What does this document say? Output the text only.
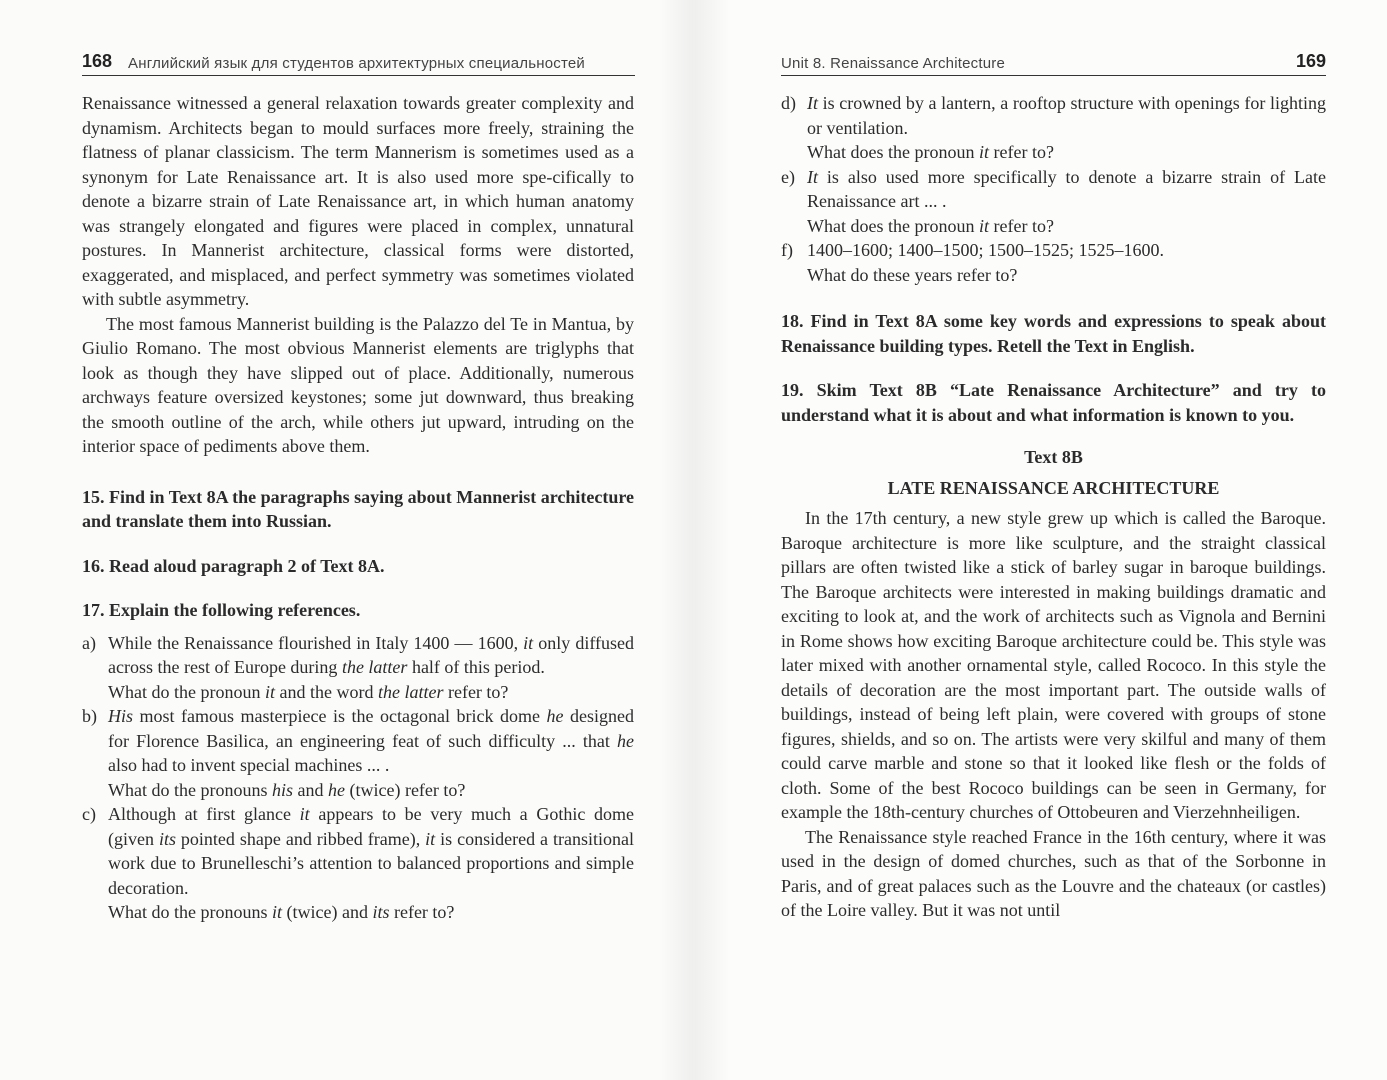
168 Английский язык для студентов архитектурных специальностей

Renaissance witnessed a general relaxation towards greater complexity and dynamism. Architects began to mould surfaces more freely, straining the flatness of planar classicism. The term Mannerism is sometimes used as a synonym for Late Renaissance art. It is also used more spe-cifically to denote a bizarre strain of Late Renaissance art, in which human anatomy was strangely elongated and figures were placed in complex, unnatural postures. In Mannerist architecture, classical forms were distorted, exaggerated, and misplaced, and perfect symmetry was sometimes violated with subtle asymmetry.

The most famous Mannerist building is the Palazzo del Te in Mantua, by Giulio Romano. The most obvious Mannerist elements are triglyphs that look as though they have slipped out of place. Additionally, numerous archways feature oversized keystones; some jut downward, thus breaking the smooth outline of the arch, while others jut upward, intruding on the interior space of pediments above them.

15. Find in Text 8A the paragraphs saying about Mannerist architecture and translate them into Russian.

16. Read aloud paragraph 2 of Text 8A.

17. Explain the following references.

a) While the Renaissance flourished in Italy 1400 — 1600, it only diffused across the rest of Europe during the latter half of this period.
What do the pronoun it and the word the latter refer to?
b) His most famous masterpiece is the octagonal brick dome he designed for Florence Basilica, an engineering feat of such difficulty ... that he also had to invent special machines ... .
What do the pronouns his and he (twice) refer to?
c) Although at first glance it appears to be very much a Gothic dome (given its pointed shape and ribbed frame), it is considered a transitional work due to Brunelleschi’s attention to balanced proportions and simple decoration.
What do the pronouns it (twice) and its refer to?
Unit 8. Renaissance Architecture	169
d) It is crowned by a lantern, a rooftop structure with openings for lighting or ventilation.
What does the pronoun it refer to?
e) It is also used more specifically to denote a bizarre strain of Late Renaissance art ... .
What does the pronoun it refer to?
f) 1400–1600; 1400–1500; 1500–1525; 1525–1600.
What do these years refer to?

18. Find in Text 8A some key words and expressions to speak about Renaissance building types. Retell the Text in English.

19. Skim Text 8B “Late Renaissance Architecture” and try to understand what it is about and what information is known to you.

Text 8B

LATE RENAISSANCE ARCHITECTURE

In the 17th century, a new style grew up which is called the Baroque. Baroque architecture is more like sculpture, and the straight classical pillars are often twisted like a stick of barley sugar in baroque buildings. The Baroque architects were interested in making buildings dramatic and exciting to look at, and the work of architects such as Vignola and Bernini in Rome shows how exciting Baroque architecture could be. This style was later mixed with another ornamental style, called Rococo. In this style the details of decoration are the most important part. The outside walls of buildings, instead of being left plain, were covered with groups of stone figures, shields, and so on. The artists were very skilful and many of them could carve marble and stone so that it looked like flesh or the folds of cloth. Some of the best Rococo buildings can be seen in Germany, for example the 18th-century churches of Ottobeuren and Vierzehnheiligen.

The Renaissance style reached France in the 16th century, where it was used in the design of domed churches, such as that of the Sorbonne in Paris, and of great palaces such as the Louvre and the chateaux (or castles) of the Loire valley. But it was not until
